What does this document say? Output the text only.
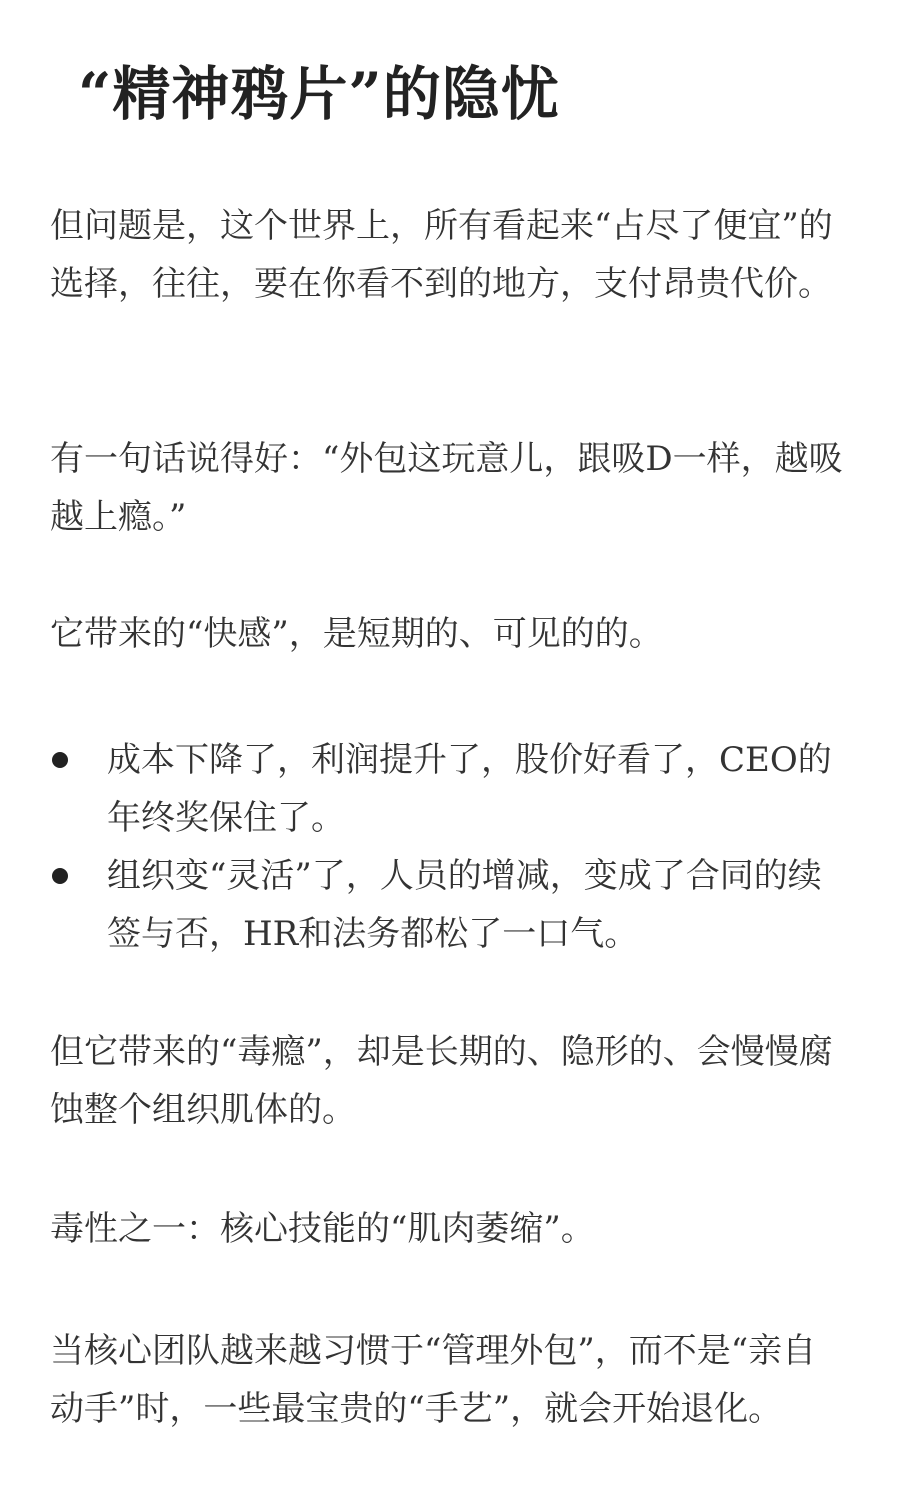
“精神鸦片”的隐忧

但问题是，这个世界上，所有看起来“占尽了便宜”的选择，往往，要在你看不到的地方，支付昂贵代价。

有一句话说得好：“外包这玩意儿，跟吸D一样，越吸越上瘾。”

它带来的“快感”，是短期的、可见的的。

成本下降了，利润提升了，股价好看了，CEO的年终奖保住了。
组织变“灵活”了，人员的增减，变成了合同的续签与否，HR和法务都松了一口气。

但它带来的“毒瘾”，却是长期的、隐形的、会慢慢腐蚀整个组织肌体的。

毒性之一：核心技能的“肌肉萎缩”。

当核心团队越来越习惯于“管理外包”，而不是“亲自动手”时，一些最宝贵的“手艺”，就会开始退化。
